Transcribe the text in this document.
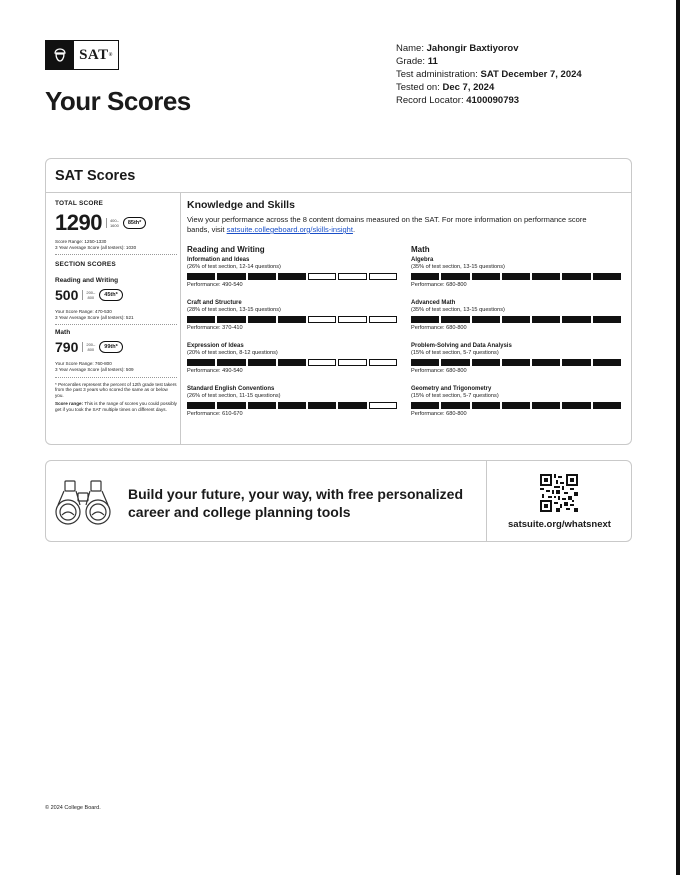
SAT ®
Your Scores
Name: Jahongir Baxtiyorov
Grade: 11
Test administration: SAT December 7, 2024
Tested on: Dec 7, 2024
Record Locator: 4100090793
SAT Scores
TOTAL SCORE
1290	400–
1600	85th*
Score Range: 1250-1330
3 Year Average Score (all testers): 1030
SECTION SCORES
Reading and Writing
500	200–
800	45th*
Your Score Range: 470-530
3 Year Average Score (all testers): 521
Math
790	200–
800	99th*
Your Score Range: 760-800
3 Year Average Score (all testers): 509
* Percentiles represent the percent of 12th grade test takers from the past 3 years who scored the same as or below you.
Score range: This is the range of scores you could possibly get if you took the SAT multiple times on different days.
Knowledge and Skills

View your performance across the 8 content domains measured on the SAT. For more information on performance score bands, visit satsuite.collegeboard.org/skills-insight.

Reading and Writing
Information and Ideas
(26% of test section, 12-14 questions)
Performance: 490-540
Craft and Structure
(28% of test section, 13-15 questions)
Performance: 370-410
Expression of Ideas
(20% of test section, 8-12 questions)
Performance: 490-540
Standard English Conventions
(26% of test section, 11-15 questions)
Performance: 610-670
Math
Algebra
(35% of test section, 13-15 questions)
Performance: 680-800
Advanced Math
(35% of test section, 13-15 questions)
Performance: 680-800
Problem-Solving and Data Analysis
(15% of test section, 5-7 questions)
Performance: 680-800
Geometry and Trigonometry
(15% of test section, 5-7 questions)
Performance: 680-800
Build your future, your way, with free personalized career and college planning tools
satsuite.org/whatsnext
© 2024 College Board.
